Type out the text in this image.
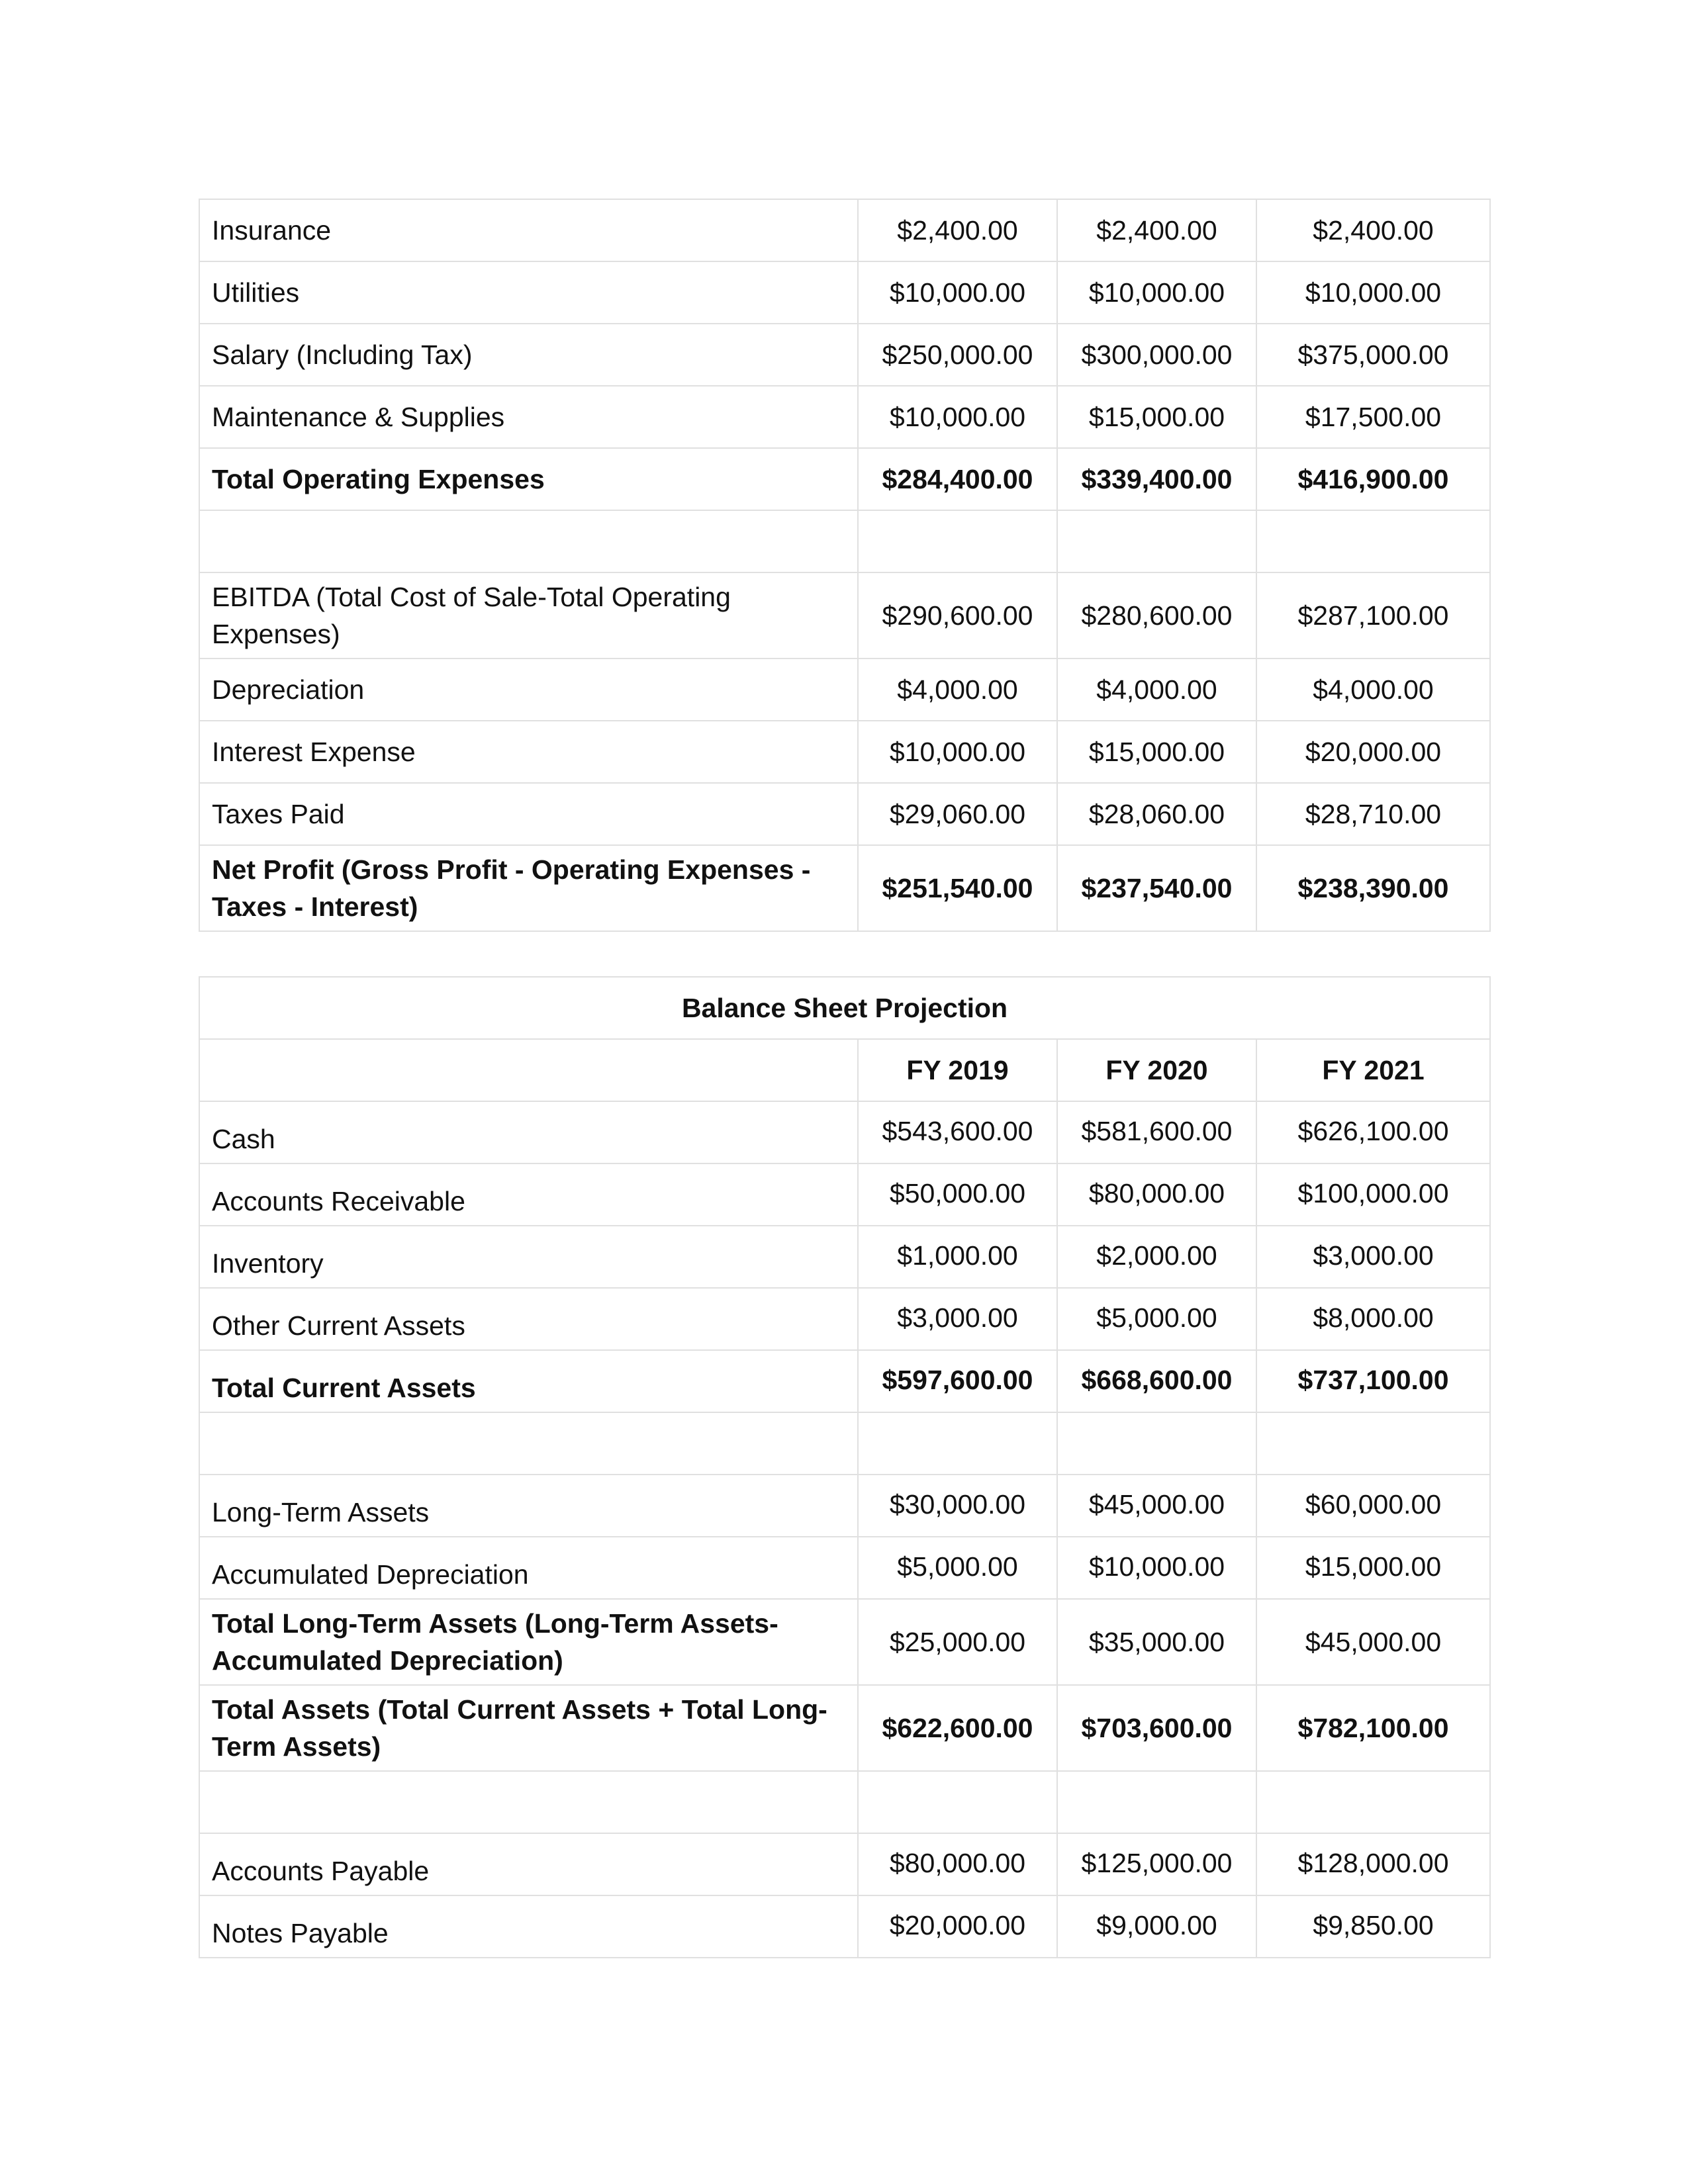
Insurance	$2,400.00	$2,400.00	$2,400.00
Utilities	$10,000.00	$10,000.00	$10,000.00
Salary (Including Tax)	$250,000.00	$300,000.00	$375,000.00
Maintenance & Supplies	$10,000.00	$15,000.00	$17,500.00
Total Operating Expenses	$284,400.00	$339,400.00	$416,900.00

EBITDA (Total Cost of Sale-Total Operating Expenses)	$290,600.00	$280,600.00	$287,100.00
Depreciation	$4,000.00	$4,000.00	$4,000.00
Interest Expense	$10,000.00	$15,000.00	$20,000.00
Taxes Paid	$29,060.00	$28,060.00	$28,710.00
Net Profit (Gross Profit - Operating Expenses - Taxes - Interest)	$251,540.00	$237,540.00	$238,390.00
Balance Sheet Projection			
	FY 2019	FY 2020	FY 2021
Cash	$543,600.00	$581,600.00	$626,100.00
Accounts Receivable	$50,000.00	$80,000.00	$100,000.00
Inventory	$1,000.00	$2,000.00	$3,000.00
Other Current Assets	$3,000.00	$5,000.00	$8,000.00
Total Current Assets	$597,600.00	$668,600.00	$737,100.00

Long-Term Assets	$30,000.00	$45,000.00	$60,000.00
Accumulated Depreciation	$5,000.00	$10,000.00	$15,000.00
Total Long-Term Assets (Long-Term Assets-Accumulated Depreciation)	$25,000.00	$35,000.00	$45,000.00
Total Assets (Total Current Assets + Total Long-Term Assets)	$622,600.00	$703,600.00	$782,100.00

Accounts Payable	$80,000.00	$125,000.00	$128,000.00
Notes Payable	$20,000.00	$9,000.00	$9,850.00
